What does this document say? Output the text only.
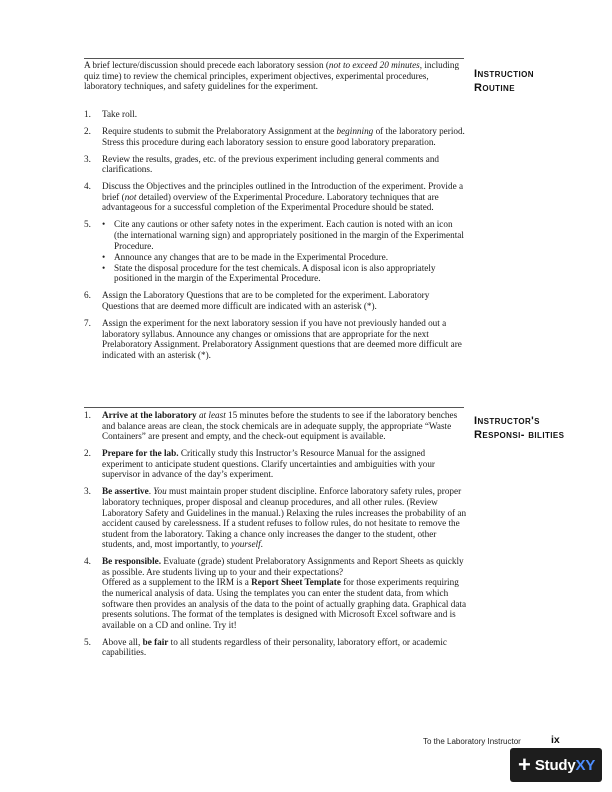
A brief lecture/discussion should precede each laboratory session (not to exceed 20 minutes, including quiz time) to review the chemical principles, experiment objectives, experimental procedures, laboratory techniques, and safety guidelines for the experiment.

Instruction Routine
1. Take roll.
2. Require students to submit the Prelaboratory Assignment at the beginning of the laboratory period. Stress this procedure during each laboratory session to ensure good laboratory preparation.
3. Review the results, grades, etc. of the previous experiment including general comments and clarifications.
4. Discuss the Objectives and the principles outlined in the Introduction of the experiment. Provide a brief (not detailed) overview of the Experimental Procedure. Laboratory techniques that are advantageous for a successful completion of the Experimental Procedure should be stated.
5. • Cite any cautions or other safety notes in the experiment. Each caution is noted with an icon (the international warning sign) and appropriately positioned in the margin of the Experimental Procedure.
• Announce any changes that are to be made in the Experimental Procedure.
• State the disposal procedure for the test chemicals. A disposal icon is also appropriately positioned in the margin of the Experimental Procedure.
6. Assign the Laboratory Questions that are to be completed for the experiment. Laboratory Questions that are deemed more difficult are indicated with an asterisk (*).
7. Assign the experiment for the next laboratory session if you have not previously handed out a laboratory syllabus. Announce any changes or omissions that are appropriate for the next Prelaboratory Assignment. Prelaboratory Assignment questions that are deemed more difficult are indicated with an asterisk (*).
Instructor's Responsi- bilities
1. Arrive at the laboratory at least 15 minutes before the students to see if the laboratory benches and balance areas are clean, the stock chemicals are in adequate supply, the appropriate “Waste Containers” are present and empty, and the check-out equipment is available.
2. Prepare for the lab. Critically study this Instructor’s Resource Manual for the assigned experiment to anticipate student questions. Clarify uncertainties and ambiguities with your supervisor in advance of the day’s experiment.
3. Be assertive. You must maintain proper student discipline. Enforce laboratory safety rules, proper laboratory techniques, proper disposal and cleanup procedures, and all other rules. (Review Laboratory Safety and Guidelines in the manual.) Relaxing the rules increases the probability of an accident caused by carelessness. If a student refuses to follow rules, do not hesitate to remove the student from the laboratory. Taking a chance only increases the danger to the student, other students, and, most importantly, to yourself.
4. Be responsible. Evaluate (grade) student Prelaboratory Assignments and Report Sheets as quickly as possible. Are students living up to your and their expectations?
Offered as a supplement to the IRM is a Report Sheet Template for those experiments requiring the numerical analysis of data. Using the templates you can enter the student data, from which software then provides an analysis of the data to the point of actually graphing data. Graphical data presents solutions. The format of the templates is designed with Microsoft Excel software and is available on a CD and online. Try it!
5. Above all, be fair to all students regardless of their personality, laboratory effort, or academic capabilities.
To the Laboratory Instructor	ix
+ StudyXY
